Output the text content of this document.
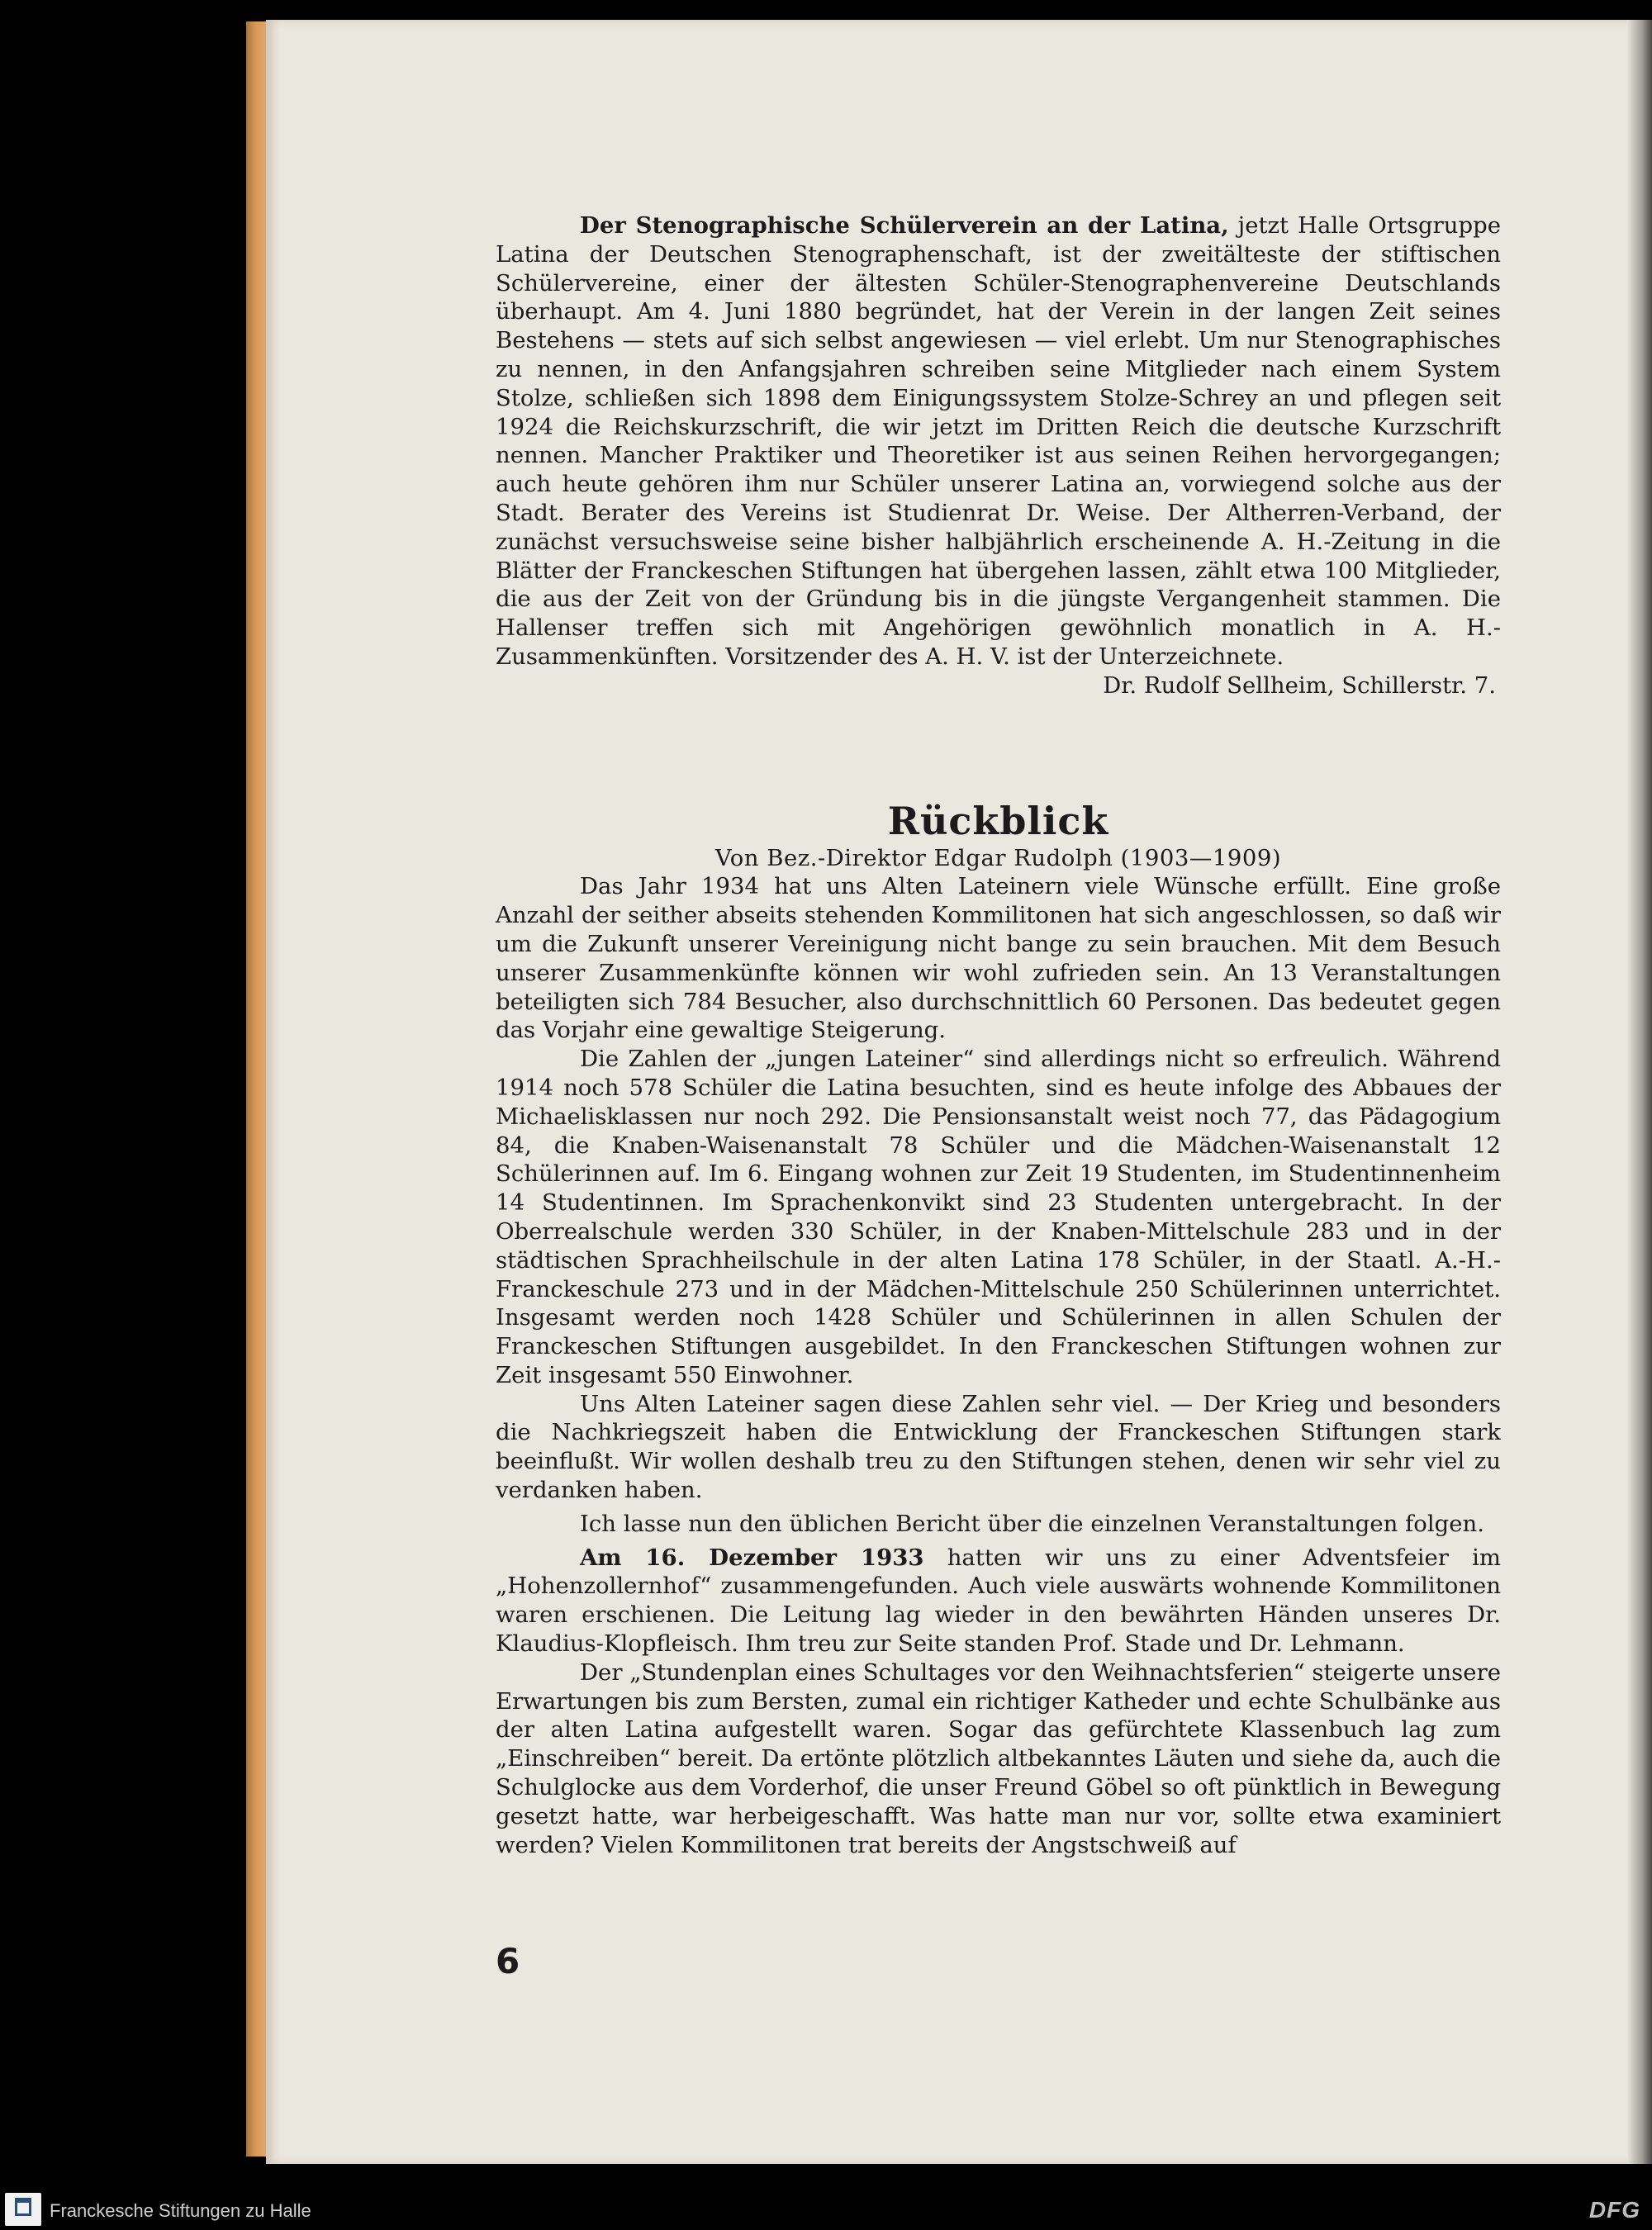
Der Stenographische Schülerverein an der Latina, jetzt Halle Ortsgruppe Latina der Deutschen Stenographenschaft, ist der zweitälteste der stiftischen Schülervereine, einer der ältesten Schüler-Stenographenvereine Deutschlands überhaupt. Am 4. Juni 1880 begründet, hat der Verein in der langen Zeit seines Bestehens — stets auf sich selbst angewiesen — viel erlebt. Um nur Stenographisches zu nennen, in den Anfangsjahren schreiben seine Mitglieder nach einem System Stolze, schließen sich 1898 dem Einigungssystem Stolze-Schrey an und pflegen seit 1924 die Reichskurzschrift, die wir jetzt im Dritten Reich die deutsche Kurzschrift nennen. Mancher Praktiker und Theoretiker ist aus seinen Reihen hervorgegangen; auch heute gehören ihm nur Schüler unserer Latina an, vorwiegend solche aus der Stadt. Berater des Vereins ist Studienrat Dr. Weise. Der Altherren-Verband, der zunächst versuchsweise seine bisher halbjährlich erscheinende A. H.-Zeitung in die Blätter der Franckeschen Stiftungen hat übergehen lassen, zählt etwa 100 Mitglieder, die aus der Zeit von der Gründung bis in die jüngste Vergangenheit stammen. Die Hallenser treffen sich mit Angehörigen gewöhnlich monatlich in A. H.-Zusammenkünften. Vorsitzender des A. H. V. ist der Unterzeichnete.

Dr. Rudolf Sellheim, Schillerstr. 7.

Rückblick

Von Bez.-Direktor Edgar Rudolph (1903—1909)

Das Jahr 1934 hat uns Alten Lateinern viele Wünsche erfüllt. Eine große Anzahl der seither abseits stehenden Kommilitonen hat sich angeschlossen, so daß wir um die Zukunft unserer Vereinigung nicht bange zu sein brauchen. Mit dem Besuch unserer Zusammenkünfte können wir wohl zufrieden sein. An 13 Veranstaltungen beteiligten sich 784 Besucher, also durchschnittlich 60 Personen. Das bedeutet gegen das Vorjahr eine gewaltige Steigerung.

Die Zahlen der „jungen Lateiner“ sind allerdings nicht so erfreulich. Während 1914 noch 578 Schüler die Latina besuchten, sind es heute infolge des Abbaues der Michaelisklassen nur noch 292. Die Pensionsanstalt weist noch 77, das Pädagogium 84, die Knaben-Waisenanstalt 78 Schüler und die Mädchen-Waisenanstalt 12 Schülerinnen auf. Im 6. Eingang wohnen zur Zeit 19 Studenten, im Studentinnenheim 14 Studentinnen. Im Sprachenkonvikt sind 23 Studenten untergebracht. In der Oberrealschule werden 330 Schüler, in der Knaben-Mittelschule 283 und in der städtischen Sprachheilschule in der alten Latina 178 Schüler, in der Staatl. A.-H.-Franckeschule 273 und in der Mädchen-Mittelschule 250 Schülerinnen unterrichtet. Insgesamt werden noch 1428 Schüler und Schülerinnen in allen Schulen der Franckeschen Stiftungen ausgebildet. In den Franckeschen Stiftungen wohnen zur Zeit insgesamt 550 Einwohner.

Uns Alten Lateiner sagen diese Zahlen sehr viel. — Der Krieg und besonders die Nachkriegszeit haben die Entwicklung der Franckeschen Stiftungen stark beeinflußt. Wir wollen deshalb treu zu den Stiftungen stehen, denen wir sehr viel zu verdanken haben.

Ich lasse nun den üblichen Bericht über die einzelnen Veranstaltungen folgen.

Am 16. Dezember 1933 hatten wir uns zu einer Adventsfeier im „Hohenzollernhof“ zusammengefunden. Auch viele auswärts wohnende Kommilitonen waren erschienen. Die Leitung lag wieder in den bewährten Händen unseres Dr. Klaudius-Klopfleisch. Ihm treu zur Seite standen Prof. Stade und Dr. Lehmann.

Der „Stundenplan eines Schultages vor den Weihnachtsferien“ steigerte unsere Erwartungen bis zum Bersten, zumal ein richtiger Katheder und echte Schulbänke aus der alten Latina aufgestellt waren. Sogar das gefürchtete Klassenbuch lag zum „Einschreiben“ bereit. Da ertönte plötzlich altbekanntes Läuten und siehe da, auch die Schulglocke aus dem Vorderhof, die unser Freund Göbel so oft pünktlich in Bewegung gesetzt hatte, war herbeigeschafft. Was hatte man nur vor, sollte etwa examiniert werden? Vielen Kommilitonen trat bereits der Angstschweiß auf

6
Franckesche Stiftungen zu Halle	DFG
